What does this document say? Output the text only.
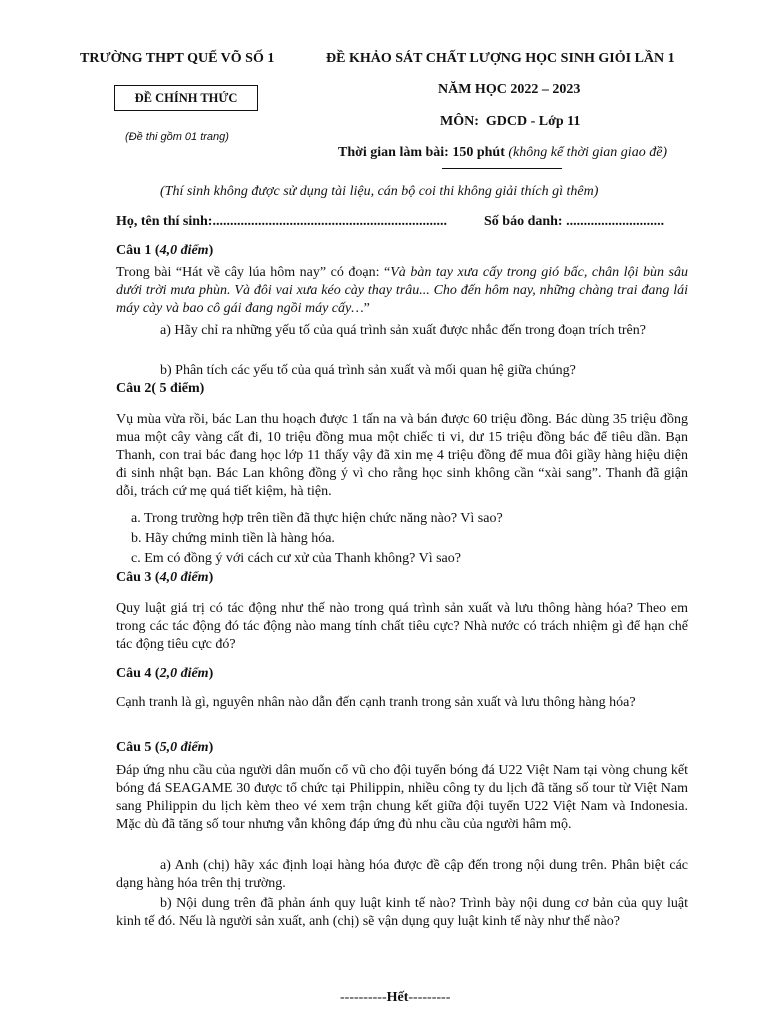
TRƯỜNG THPT QUẾ VÕ SỐ 1	ĐỀ KHẢO SÁT CHẤT LƯỢNG HỌC SINH GIỎI LẦN 1
ĐỀ CHÍNH THỨC
NĂM HỌC 2022 – 2023
(Đề thi gồm 01 trang)
MÔN:  GDCD - Lớp 11
Thời gian làm bài: 150 phút (không kể thời gian giao đề)
(Thí sinh không được sử dụng tài liệu, cán bộ coi thi không giải thích gì thêm)
Họ, tên thí sinh:...................................................................	Số báo danh: ............................
Câu 1 (4,0 điểm)
Trong bài “Hát về cây lúa hôm nay” có đoạn: “Và bàn tay xưa cấy trong gió bấc, chân lội bùn sâu dưới trời mưa phùn. Và đôi vai xưa kéo cày thay trâu... Cho đến hôm nay, những chàng trai đang lái máy cày và bao cô gái đang ngồi máy cấy…”
a) Hãy chỉ ra những yếu tố của quá trình sản xuất được nhắc đến trong đoạn trích trên?
b) Phân tích các yếu tố của quá trình sản xuất và mối quan hệ giữa chúng?
Câu 2( 5 điểm)
Vụ mùa vừa rồi, bác Lan thu hoạch được 1 tấn na và bán được 60 triệu đồng. Bác dùng 35 triệu đồng mua một cây vàng cất đi, 10 triệu đồng mua một chiếc ti vi, dư 15 triệu đồng bác để tiêu dần. Bạn Thanh, con trai bác đang học lớp 11 thấy vậy đã xin mẹ 4 triệu đồng để mua đôi giầy hàng hiệu diện đi sinh nhật bạn. Bác Lan không đồng ý vì cho rằng học sinh không cần “xài sang”. Thanh đã giận dỗi, trách cứ mẹ quá tiết kiệm, hà tiện.
a. Trong trường hợp trên tiền đã thực hiện chức năng nào? Vì sao?
b. Hãy chứng minh tiền là hàng hóa.
c. Em có đồng ý với cách cư xử của Thanh không? Vì sao?
Câu 3 (4,0 điểm)
Quy luật giá trị có tác động như thế nào trong quá trình sản xuất và lưu thông hàng hóa? Theo em trong các tác động đó tác động nào mang tính chất tiêu cực? Nhà nước có trách nhiệm gì để hạn chế tác động tiêu cực đó?
Câu 4 (2,0 điểm)
Cạnh tranh là gì, nguyên nhân nào dẫn đến cạnh tranh trong sản xuất và lưu thông hàng hóa?
Câu 5 (5,0 điểm)
Đáp ứng nhu cầu của người dân muốn cổ vũ cho đội tuyển bóng đá U22 Việt Nam tại vòng chung kết bóng đá SEAGAME 30 được tổ chức tại Philippin, nhiều công ty du lịch đã tăng số tour từ Việt Nam sang Philippin du lịch kèm theo vé xem trận chung kết giữa đội tuyển U22 Việt Nam và Indonesia. Mặc dù đã tăng số tour nhưng vẫn không đáp ứng đủ nhu cầu của người hâm mộ.
a) Anh (chị) hãy xác định loại hàng hóa được đề cập đến trong nội dung trên. Phân biệt các dạng hàng hóa trên thị trường.
b) Nội dung trên đã phản ánh quy luật kinh tế nào? Trình bày nội dung cơ bản của quy luật kinh tế đó. Nếu là người sản xuất, anh (chị) sẽ vận dụng quy luật kinh tế này như thế nào?
----------Hết---------
